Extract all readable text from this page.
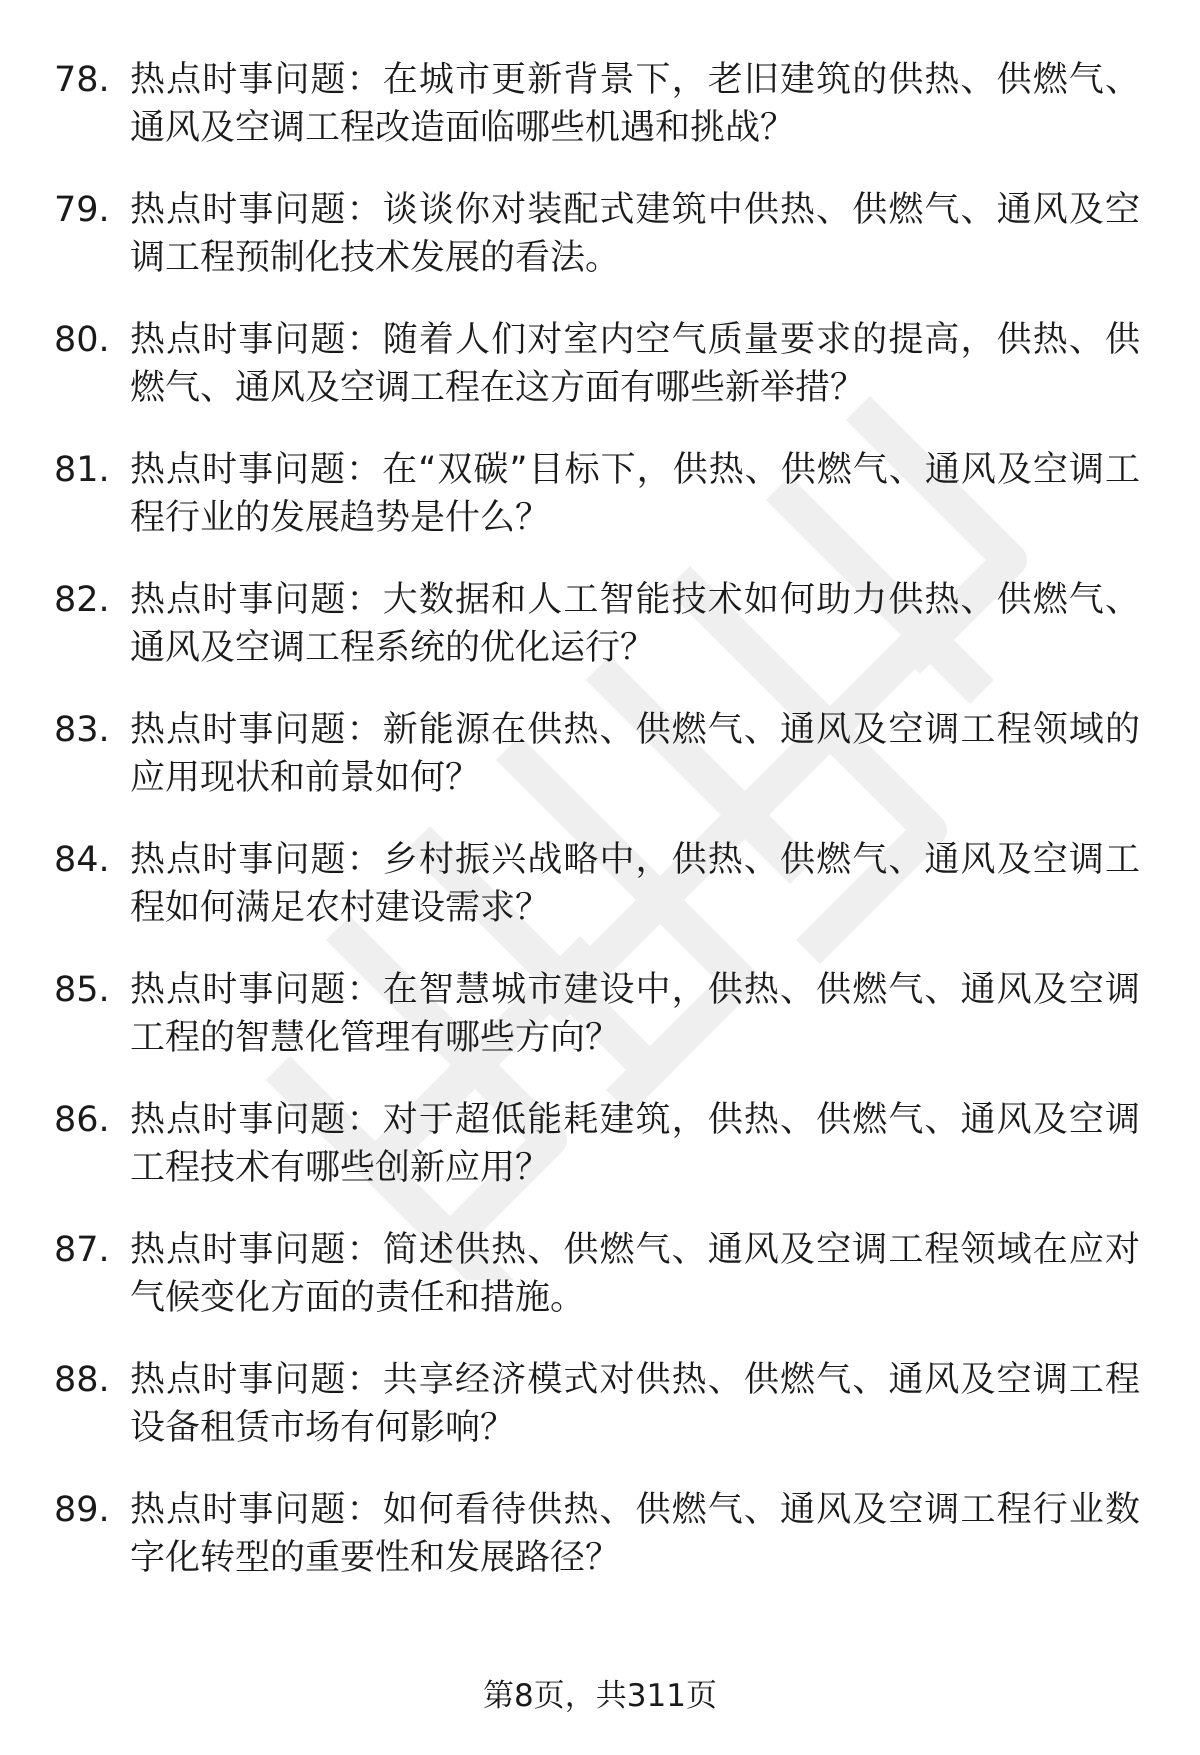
78. 热点时事问题：在城市更新背景下，老旧建筑的供热、供燃气、通风及空调工程改造面临哪些机遇和挑战？
79. 热点时事问题：谈谈你对装配式建筑中供热、供燃气、通风及空调工程预制化技术发展的看法。
80. 热点时事问题：随着人们对室内空气质量要求的提高，供热、供燃气、通风及空调工程在这方面有哪些新举措？
81. 热点时事问题：在“双碳”目标下，供热、供燃气、通风及空调工程行业的发展趋势是什么？
82. 热点时事问题：大数据和人工智能技术如何助力供热、供燃气、通风及空调工程系统的优化运行？
83. 热点时事问题：新能源在供热、供燃气、通风及空调工程领域的应用现状和前景如何？
84. 热点时事问题：乡村振兴战略中，供热、供燃气、通风及空调工程如何满足农村建设需求？
85. 热点时事问题：在智慧城市建设中，供热、供燃气、通风及空调工程的智慧化管理有哪些方向？
86. 热点时事问题：对于超低能耗建筑，供热、供燃气、通风及空调工程技术有哪些创新应用？
87. 热点时事问题：简述供热、供燃气、通风及空调工程领域在应对气候变化方面的责任和措施。
88. 热点时事问题：共享经济模式对供热、供燃气、通风及空调工程设备租赁市场有何影响？
89. 热点时事问题：如何看待供热、供燃气、通风及空调工程行业数字化转型的重要性和发展路径？
第8页，共311页
